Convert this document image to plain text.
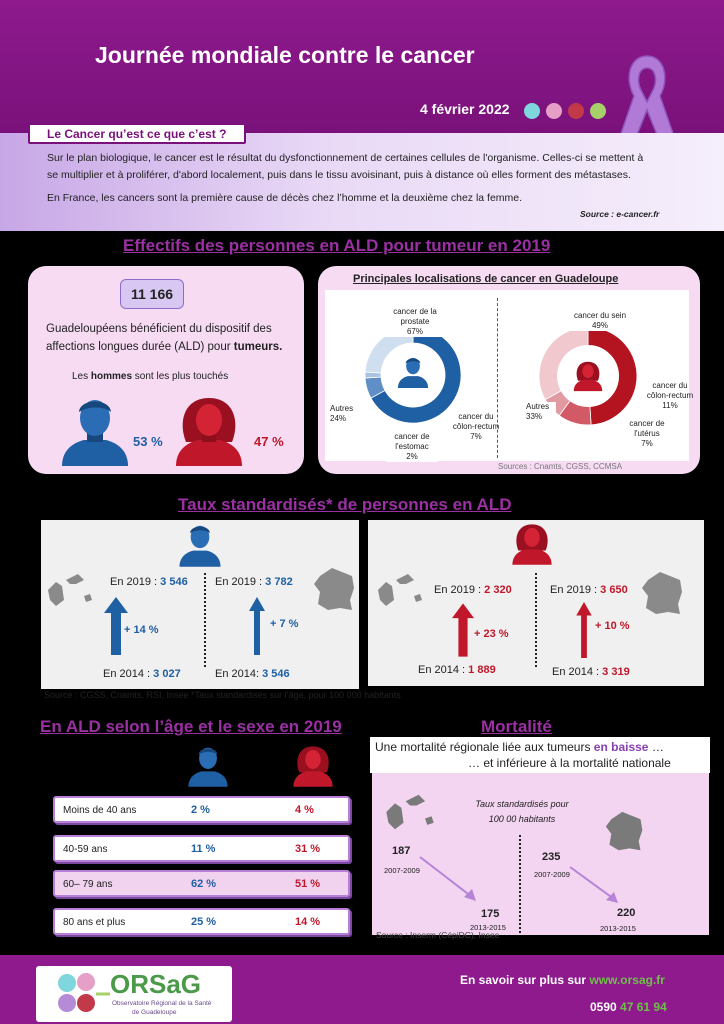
Journée mondiale contre le cancer
4 février 2022
Le Cancer qu’est ce que c’est ?
Sur le plan biologique, le cancer est le résultat du dysfonctionnement de certaines cellules de l'organisme. Celles-ci se mettent à
se multiplier et à proliférer, d'abord localement, puis dans le tissu avoisinant, puis à distance où elles forment des métastases.
En France, les cancers sont la première cause de décès chez l’homme et la deuxième chez la femme.
Source : e-cancer.fr
Effectifs des personnes en ALD pour tumeur en 2019
11 166
Guadeloupéens bénéficient du dispositif des
affections longues durée (ALD) pour tumeurs.
Les hommes sont les plus touchés
53 %	47 %
Principales localisations de cancer en Guadeloupe
cancer de la
prostate
67%
Autres
24%	cancer du
côlon-rectum
7%
cancer de
l'estomac
2%
cancer du sein
49%
Autres
33%
cancer du
côlon-rectum
11%
cancer de
l'utérus
7%
Sources : Cnamts, CGSS, CCMSA
Taux standardisés* de personnes en ALD
En 2019 : 3 546
+ 14 %
En 2014 : 3 027
En 2019 : 3 782
+ 7 %
En 2014: 3 546
En 2019 : 2 320
+ 23 %
En 2014 : 1 889
En 2019 : 3 650
+ 10 %
En 2014 : 3 319
Source : CGSS, Cnamts, RSI, Insee *Taux standardisés sur l’âge, pour 100 000 habitants
En ALD selon l’âge et le sexe en 2019
Moins de 40 ans	2 %	4 %
40-59 ans	11 %	31 %
60– 79 ans	62 %	51 %
80 ans et plus	25 %	14 %
Mortalité
Une mortalité régionale liée aux tumeurs en baisse …
… et inférieure à la mortalité nationale
Taux standardisés pour
100 00 habitants
187
2007-2009
175
2013-2015
235
2007-2009
220
2013-2015
Source : Inserm (CépiDC), Insee
ORSaG
Observatoire Régional de la Santé
de Guadeloupe
En savoir sur plus sur www.orsag.fr
0590 47 61 94
